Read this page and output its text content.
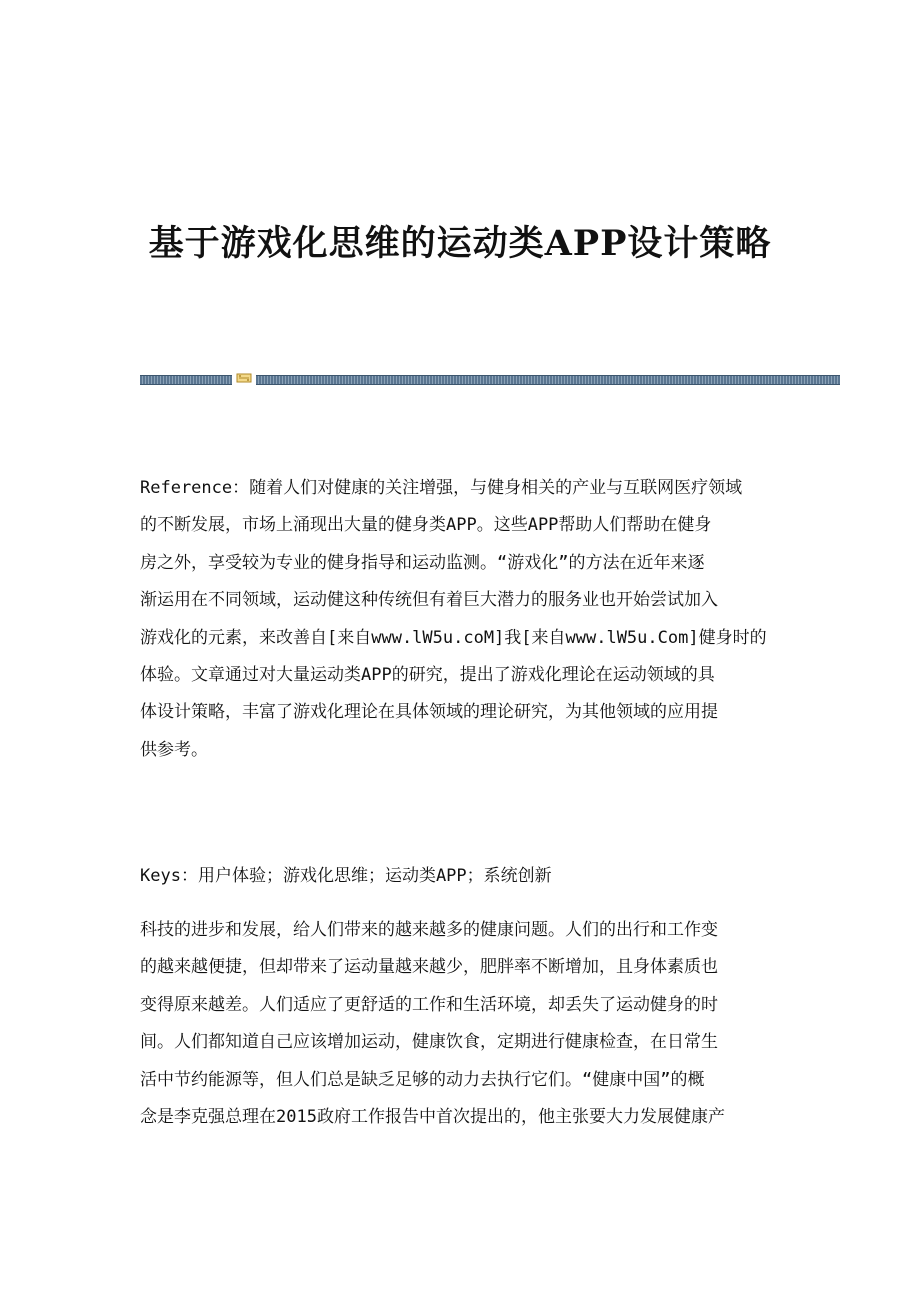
基于游戏化思维的运动类APP设计策略
Reference：随着人们对健康的关注增强，与健身相关的产业与互联网医疗领域
的不断发展，市场上涌现出大量的健身类APP。这些APP帮助人们帮助在健身
房之外，享受较为专业的健身指导和运动监测。“游戏化”的方法在近年来逐
渐运用在不同领域，运动健这种传统但有着巨大潜力的服务业也开始尝试加入
游戏化的元素，来改善自[来自www.lW5u.coM]我[来自www.lW5u.Com]健身时的
体验。文章通过对大量运动类APP的研究，提出了游戏化理论在运动领域的具
体设计策略，丰富了游戏化理论在具体领域的理论研究，为其他领域的应用提
供参考。
Keys：用户体验；游戏化思维；运动类APP；系统创新
科技的进步和发展，给人们带来的越来越多的健康问题。人们的出行和工作变
的越来越便捷，但却带来了运动量越来越少，肥胖率不断增加，且身体素质也
变得原来越差。人们适应了更舒适的工作和生活环境，却丢失了运动健身的时
间。人们都知道自己应该增加运动，健康饮食，定期进行健康检查，在日常生
活中节约能源等，但人们总是缺乏足够的动力去执行它们。“健康中国”的概
念是李克强总理在2015政府工作报告中首次提出的，他主张要大力发展健康产
